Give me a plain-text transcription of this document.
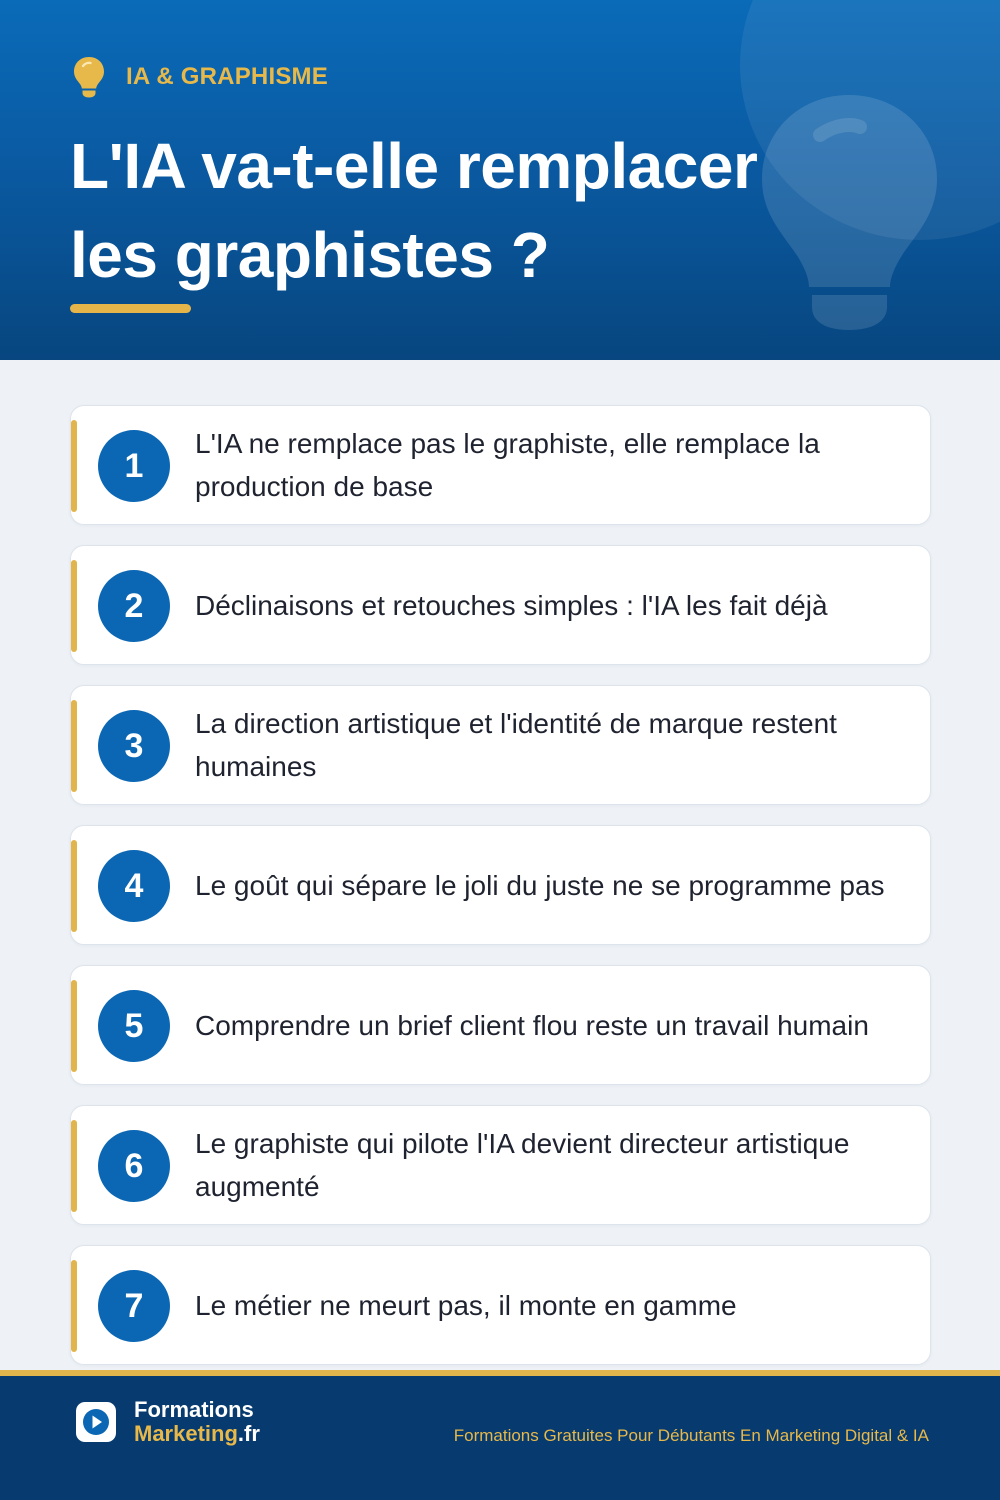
IA & GRAPHISME
L'IA va-t-elle remplacer
les graphistes ?
1
L'IA ne remplace pas le graphiste, elle remplace la production de base
2	Déclinaisons et retouches simples : l'IA les fait déjà
3
La direction artistique et l'identité de marque restent humaines
4	Le goût qui sépare le joli du juste ne se programme pas
5	Comprendre un brief client flou reste un travail humain
6
Le graphiste qui pilote l'IA devient directeur artistique augmenté
7	Le métier ne meurt pas, il monte en gamme
Formations
Marketing.fr	Formations Gratuites Pour Débutants En Marketing Digital & IA
